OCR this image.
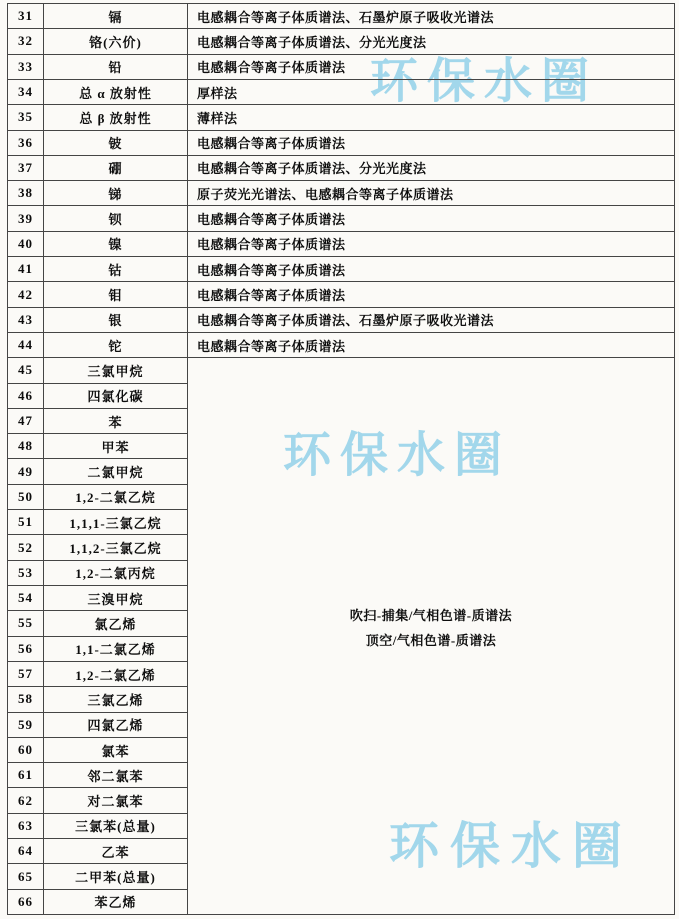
环保水圈
环保水圈
环保水圈
31	镉	电感耦合等离子体质谱法、石墨炉原子吸收光谱法
32	铬(六价)	电感耦合等离子体质谱法、分光光度法
33	铅	电感耦合等离子体质谱法
34	总 α 放射性	厚样法
35	总 β 放射性	薄样法
36	铍	电感耦合等离子体质谱法
37	硼	电感耦合等离子体质谱法、分光光度法
38	锑	原子荧光光谱法、电感耦合等离子体质谱法
39	钡	电感耦合等离子体质谱法
40	镍	电感耦合等离子体质谱法
41	钴	电感耦合等离子体质谱法
42	钼	电感耦合等离子体质谱法
43	银	电感耦合等离子体质谱法、石墨炉原子吸收光谱法
44	铊	电感耦合等离子体质谱法
45	三氯甲烷
46	四氯化碳
47	苯
48	甲苯
49	二氯甲烷
50	1,2-二氯乙烷
51	1,1,1-三氯乙烷
52	1,1,2-三氯乙烷
53	1,2-二氯丙烷
54	三溴甲烷
55	氯乙烯
56	1,1-二氯乙烯
57	1,2-二氯乙烯
58	三氯乙烯
59	四氯乙烯
60	氯苯
61	邻二氯苯
62	对二氯苯
63	三氯苯(总量)
64	乙苯
65	二甲苯(总量)
66	苯乙烯
吹扫-捕集/气相色谱-质谱法
顶空/气相色谱-质谱法
